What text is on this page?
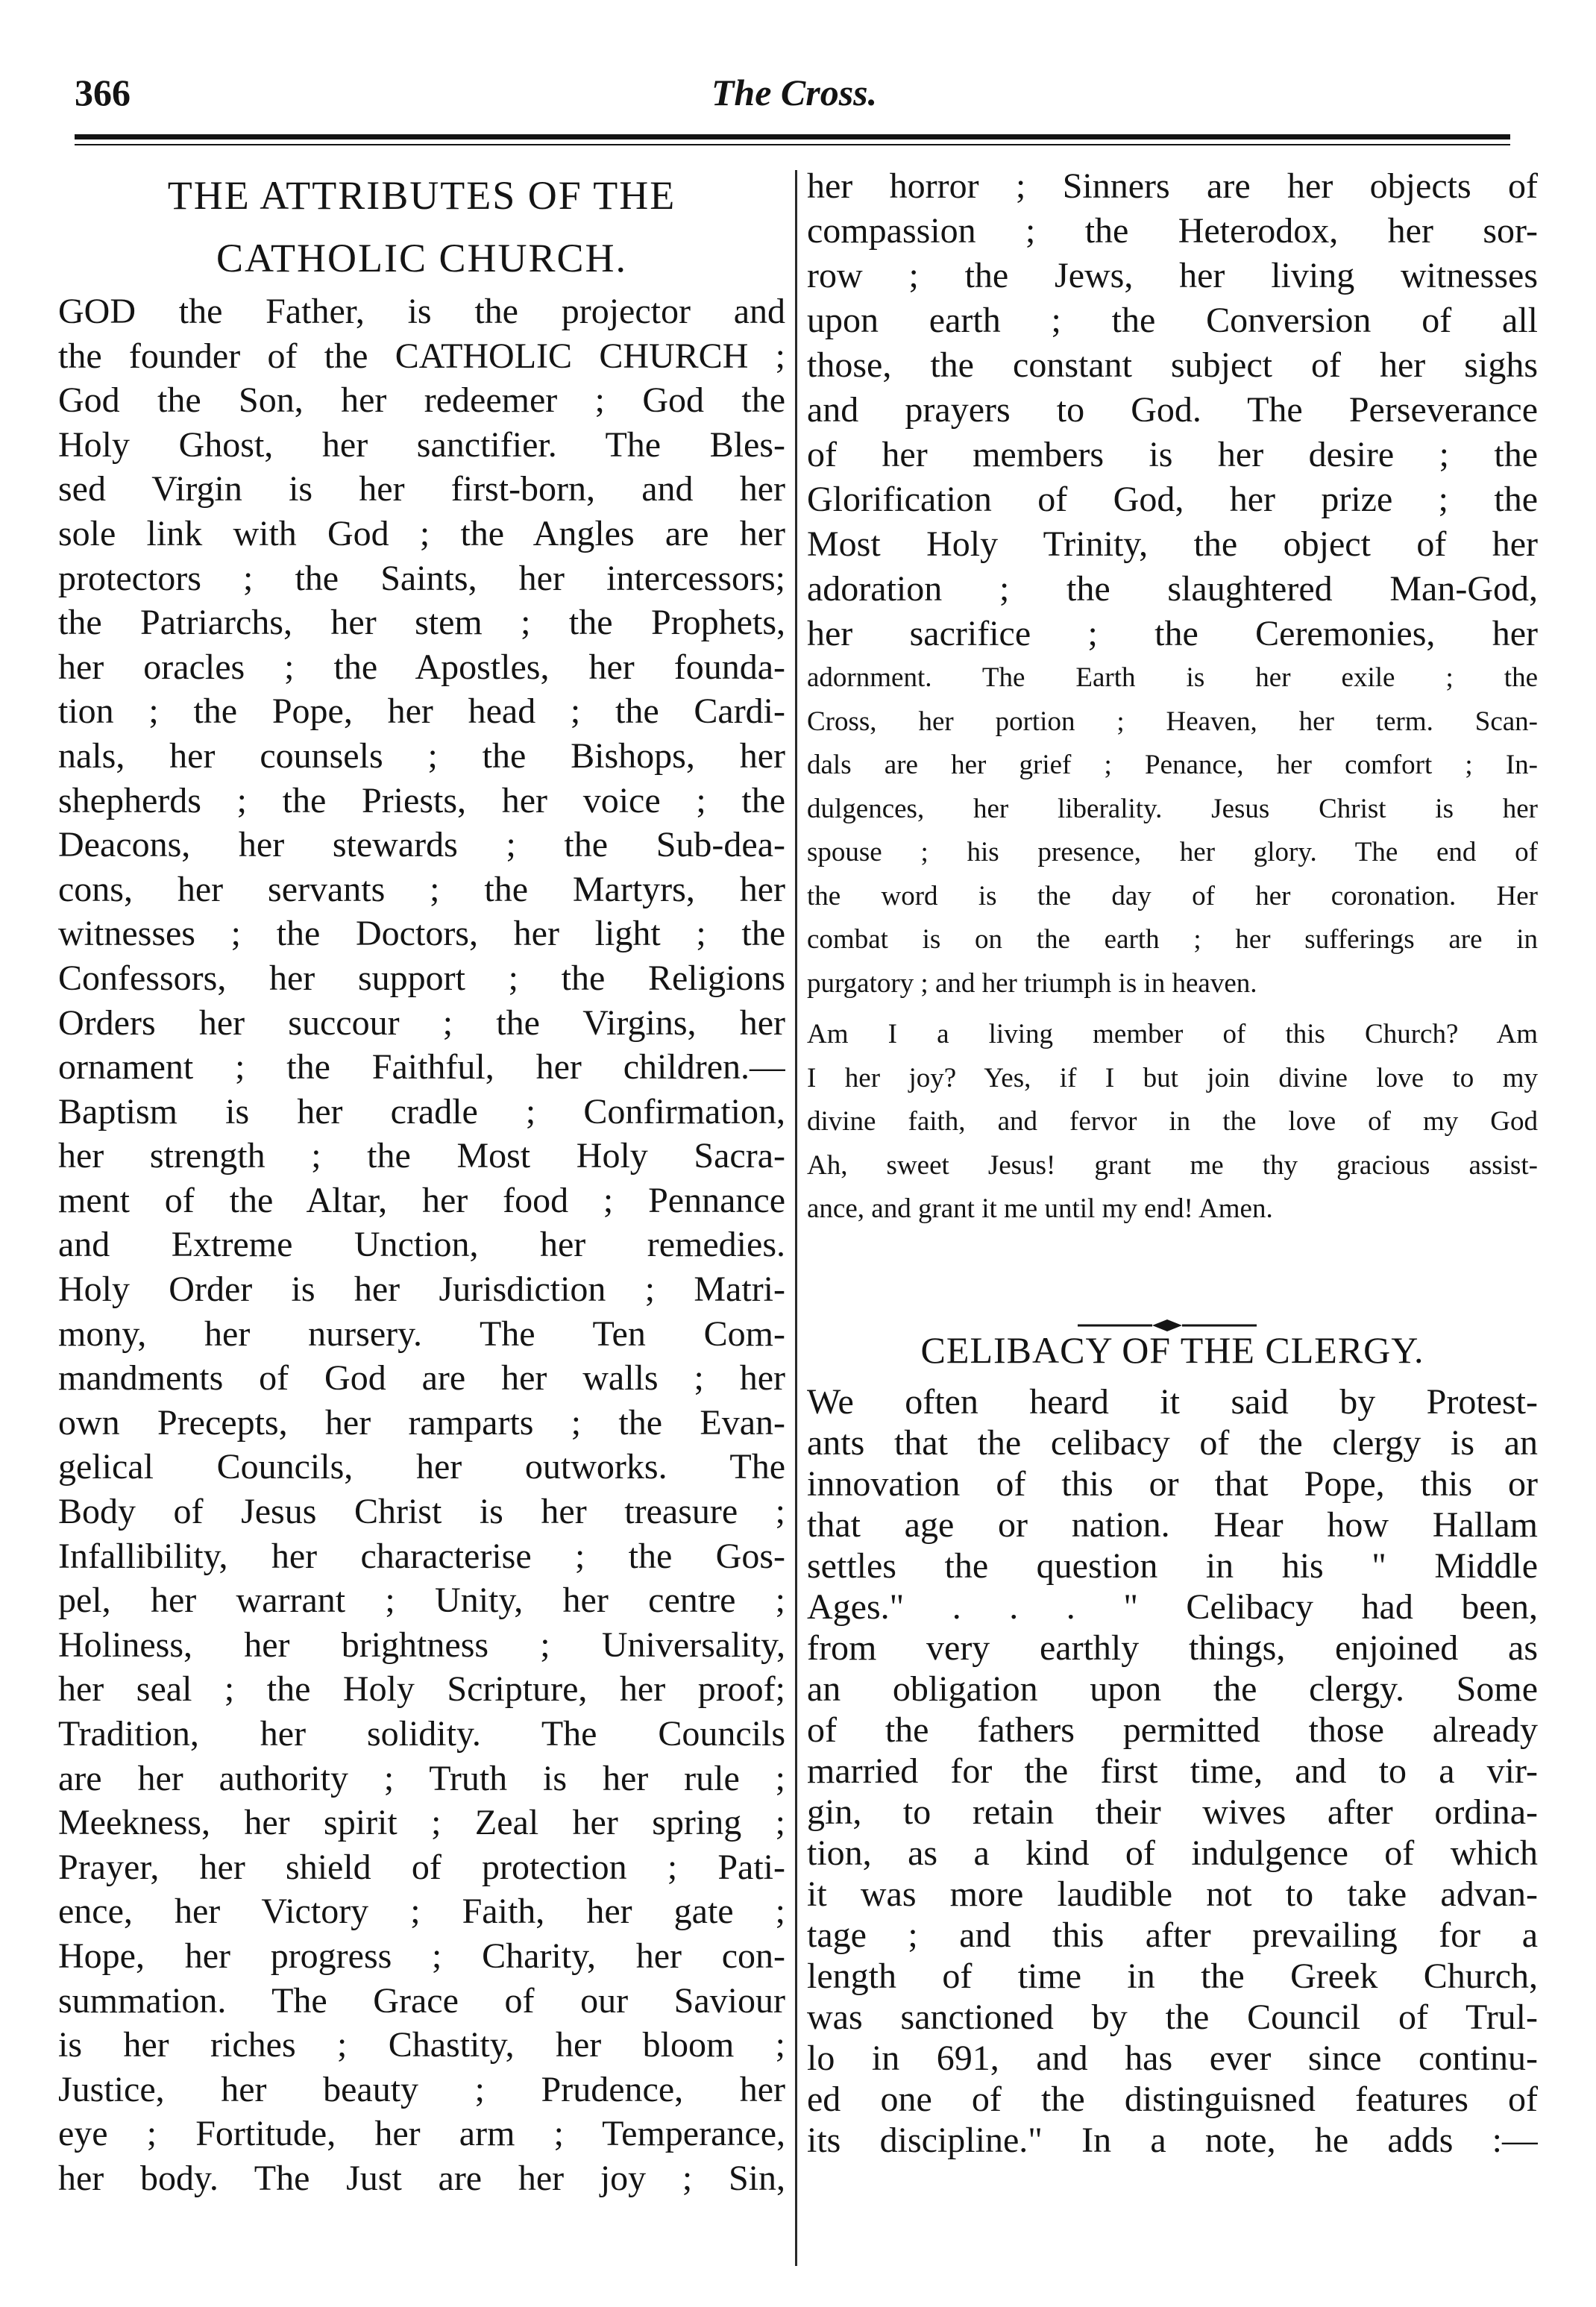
366	The Cross.
THE ATTRIBUTES OF THE
CATHOLIC CHURCH.
GOD the Father, is the projector and
the founder of the CATHOLIC CHURCH ;
God the Son, her redeemer ; God the
Holy Ghost, her sanctifier. The Bles-
sed Virgin is her first-born, and her
sole link with God ; the Angles are her
protectors ; the Saints, her intercessors;
the Patriarchs, her stem ; the Prophets,
her oracles ; the Apostles, her founda-
tion ; the Pope, her head ; the Cardi-
nals, her counsels ; the Bishops, her
shepherds ; the Priests, her voice ; the
Deacons, her stewards ; the Sub-dea-
cons, her servants ; the Martyrs, her
witnesses ; the Doctors, her light ; the
Confessors, her support ; the Religions
Orders her succour ; the Virgins, her
ornament ; the Faithful, her children.—
Baptism is her cradle ; Confirmation,
her strength ; the Most Holy Sacra-
ment of the Altar, her food ; Pennance
and Extreme Unction, her remedies.
Holy Order is her Jurisdiction ; Matri-
mony, her nursery. The Ten Com-
mandments of God are her walls ; her
own Precepts, her ramparts ; the Evan-
gelical Councils, her outworks. The
Body of Jesus Christ is her treasure ;
Infallibility, her characterise ; the Gos-
pel, her warrant ; Unity, her centre ;
Holiness, her brightness ; Universality,
her seal ; the Holy Scripture, her proof;
Tradition, her solidity. The Councils
are her authority ; Truth is her rule ;
Meekness, her spirit ; Zeal her spring ;
Prayer, her shield of protection ; Pati-
ence, her Victory ; Faith, her gate ;
Hope, her progress ; Charity, her con-
summation. The Grace of our Saviour
is her riches ; Chastity, her bloom ;
Justice, her beauty ; Prudence, her
eye ; Fortitude, her arm ; Temperance,
her body. The Just are her joy ; Sin,
her horror ; Sinners are her objects of
compassion ; the Heterodox, her sor-
row ; the Jews, her living witnesses
upon earth ; the Conversion of all
those, the constant subject of her sighs
and prayers to God. The Perseverance
of her members is her desire ; the
Glorification of God, her prize ; the
Most Holy Trinity, the object of her
adoration ; the slaughtered Man-God,
her sacrifice ; the Ceremonies, her
adornment. The Earth is her exile ; the
Cross, her portion ; Heaven, her term. Scan-
dals are her grief ; Penance, her comfort ; In-
dulgences, her liberality. Jesus Christ is her
spouse ; his presence, her glory. The end of
the word is the day of her coronation. Her
combat is on the earth ; her sufferings are in
purgatory ; and her triumph is in heaven.
Am I a living member of this Church? Am
I her joy? Yes, if I but join divine love to my
divine faith, and fervor in the love of my God
Ah, sweet Jesus! grant me thy gracious assist-
ance, and grant it me until my end! Amen.
CELIBACY OF THE CLERGY.
We often heard it said by Protest-
ants that the celibacy of the clergy is an
innovation of this or that Pope, this or
that age or nation. Hear how Hallam
settles the question in his " Middle
Ages." . . . " Celibacy had been,
from very earthly things, enjoined as
an obligation upon the clergy. Some
of the fathers permitted those already
married for the first time, and to a vir-
gin, to retain their wives after ordina-
tion, as a kind of indulgence of which
it was more laudible not to take advan-
tage ; and this after prevailing for a
length of time in the Greek Church,
was sanctioned by the Council of Trul-
lo in 691, and has ever since continu-
ed one of the distinguisned features of
its discipline." In a note, he adds :—
